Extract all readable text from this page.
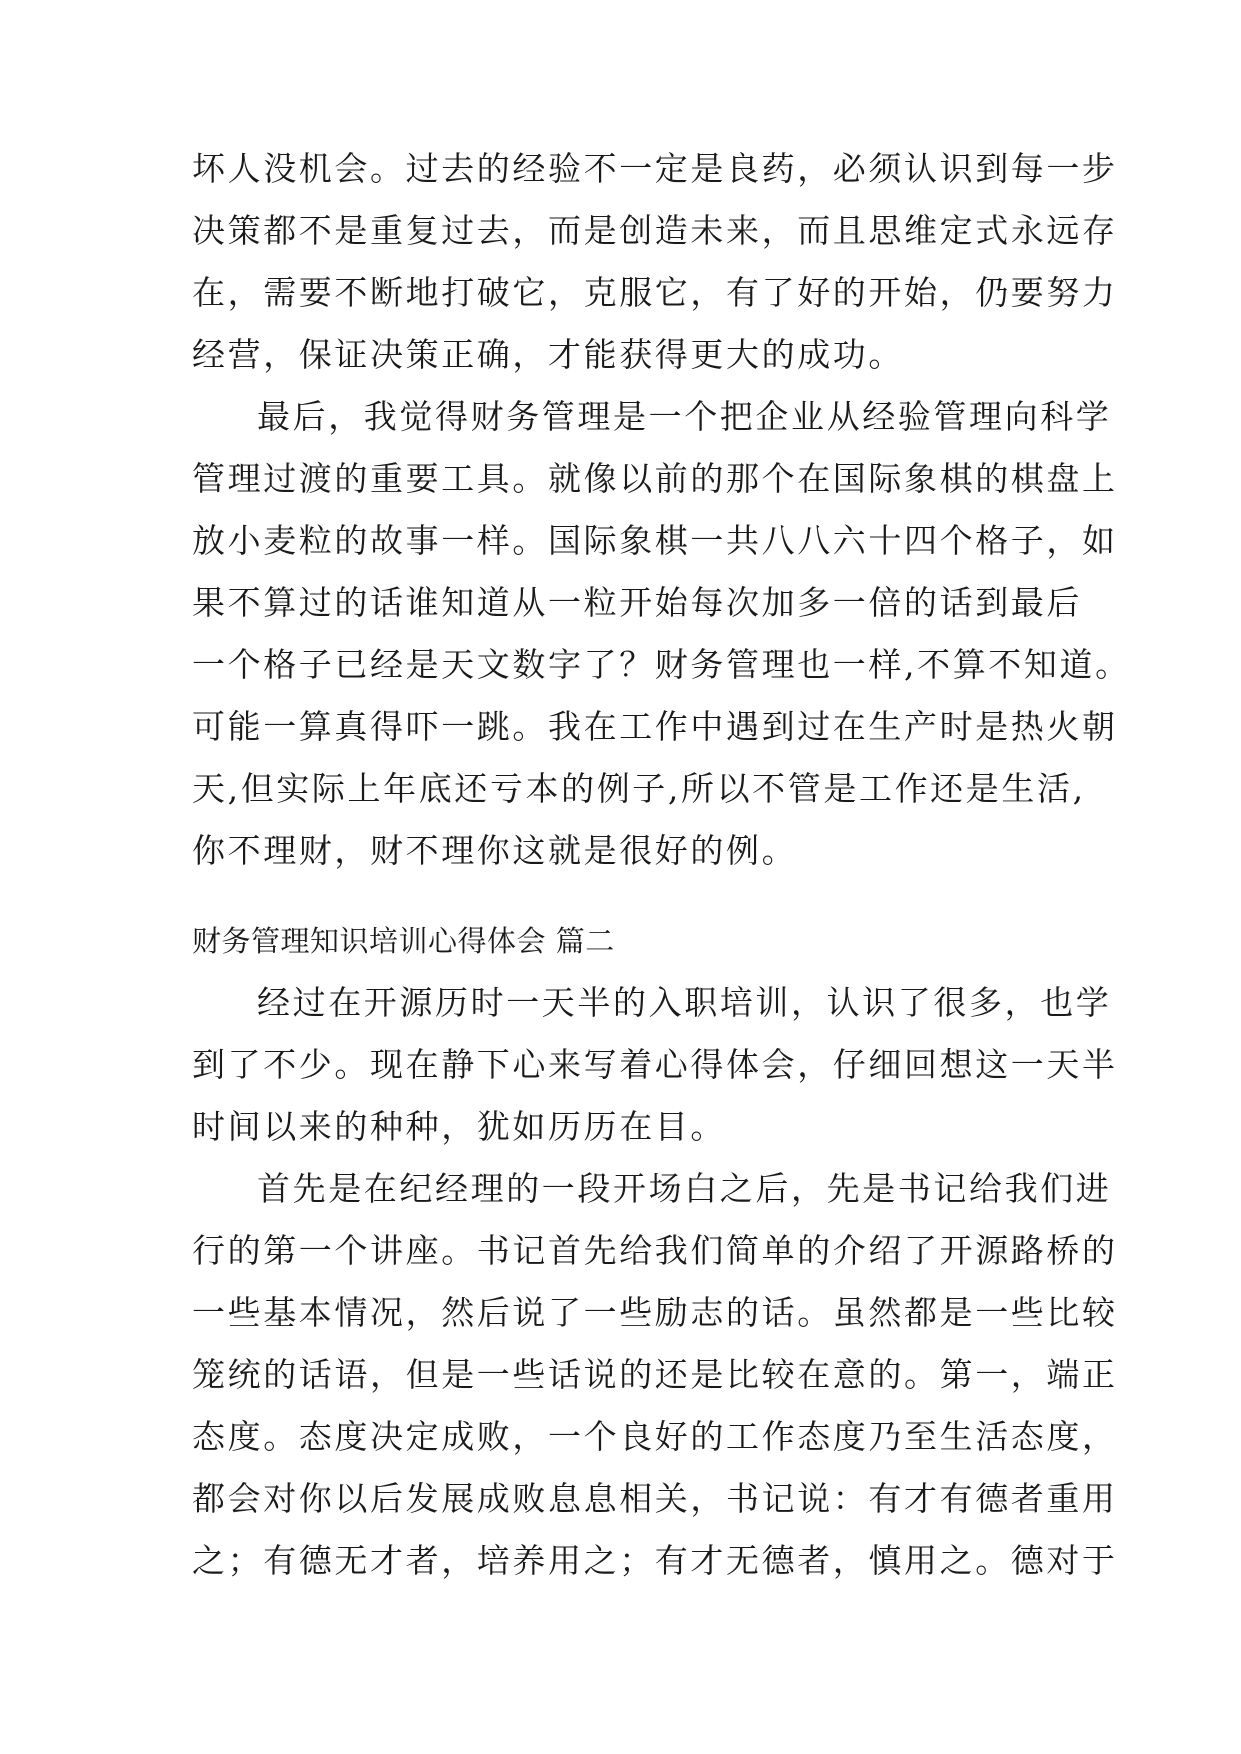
坏人没机会。过去的经验不一定是良药，必须认识到每一步
决策都不是重复过去，而是创造未来，而且思维定式永远存
在，需要不断地打破它，克服它，有了好的开始，仍要努力
经营，保证决策正确，才能获得更大的成功。
最后，我觉得财务管理是一个把企业从经验管理向科学
管理过渡的重要工具。就像以前的那个在国际象棋的棋盘上
放小麦粒的故事一样。国际象棋一共八八六十四个格子，如
果不算过的话谁知道从一粒开始每次加多一倍的话到最后
一个格子已经是天文数字了？财务管理也一样,不算不知道。
可能一算真得吓一跳。我在工作中遇到过在生产时是热火朝
天,但实际上年底还亏本的例子,所以不管是工作还是生活,
你不理财，财不理你这就是很好的例。
财务管理知识培训心得体会 篇二
经过在开源历时一天半的入职培训，认识了很多，也学
到了不少。现在静下心来写着心得体会，仔细回想这一天半
时间以来的种种，犹如历历在目。
首先是在纪经理的一段开场白之后，先是书记给我们进
行的第一个讲座。书记首先给我们简单的介绍了开源路桥的
一些基本情况，然后说了一些励志的话。虽然都是一些比较
笼统的话语，但是一些话说的还是比较在意的。第一，端正
态度。态度决定成败，一个良好的工作态度乃至生活态度，
都会对你以后发展成败息息相关，书记说：有才有德者重用
之；有德无才者，培养用之；有才无德者，慎用之。德对于
